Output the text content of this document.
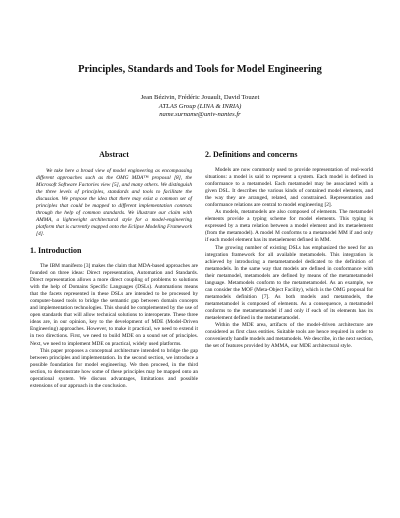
Principles, Standards and Tools for Model Engineering
Jean Bézivin, Frédéric Jouault, David Touzet
ATLAS Group (LINA & INRIA)
name.surname@univ-nantes.fr
Abstract

We take here a broad view of model engineering as encompassing different approaches such as the OMG MDA™ proposal [8], the Microsoft Software Factories view [5], and many others. We distinguish the three levels of principles, standards and tools to facilitate the discussion. We propose the idea that there may exist a common set of principles that could be mapped to different implementation contexts through the help of common standards. We illustrate our claim with AMMA, a lightweight architectural style for a model-engineering platform that is currently mapped onto the Eclipse Modeling Framework [4].

1. Introduction

The IBM manifesto [3] makes the claim that MDA-based approaches are founded on three ideas: Direct representation, Automation and Standards. Direct representation allows a more direct coupling of problems to solutions with the help of Domains Specific Languages (DSLs). Automations means that the facets represented in these DSLs are intended to be processed by computer-based tools to bridge the semantic gap between domain concepts and implementation technologies. This should be complemented by the use of open standards that will allow technical solutions to interoperate. These three ideas are, in our opinion, key to the development of MDE (Model-Driven Engineering) approaches. However, to make it practical, we need to extend it in two directions. First, we need to build MDE on a sound set of principles. Next, we need to implement MDE on practical, widely used platforms.

This paper proposes a conceptual architecture intended to bridge the gap between principles and implementation. In the second section, we introduce a possible foundation for model engineering. We then proceed, in the third section, to demonstrate how some of these principles may be mapped onto an operational system. We discuss advantages, limitations and possible extensions of our approach in the conclusion.

2. Definitions and concerns

Models are now commonly used to provide representation of real-world situations: a model is said to represent a system. Each model is defined in conformance to a metamodel. Each metamodel may be associated with a given DSL. It describes the various kinds of contained model elements, and the way they are arranged, related, and constrained. Representation and conformance relations are central to model engineering [2].

As models, metamodels are also composed of elements. The metamodel elements provide a typing scheme for model elements. This typing is expressed by a meta relation between a model element and its metaelement (from the metamodel). A model M conforms to a metamodel MM if and only if each model element has its metaelement defined in MM.

The growing number of existing DSLs has emphasized the need for an integration framework for all available metamodels. This integration is achieved by introducing a metametamodel dedicated to the definition of metamodels. In the same way that models are defined in conformance with their metamodel, metamodels are defined by means of the metametamodel language. Metamodels conform to the metametamodel. As an example, we can consider the MOF (Meta-Object Facility), which is the OMG proposal for metamodels definition [7]. As both models and metamodels, the metametamodel is composed of elements. As a consequence, a metamodel conforms to the metametamodel if and only if each of its elements has its metaelement defined in the metametamodel.

Within the MDE area, artifacts of the model-driven architecture are considered as first class entities. Suitable tools are hence required in order to conveniently handle models and metamodels. We describe, in the next section, the set of features provided by AMMA, our MDE architectural style.
